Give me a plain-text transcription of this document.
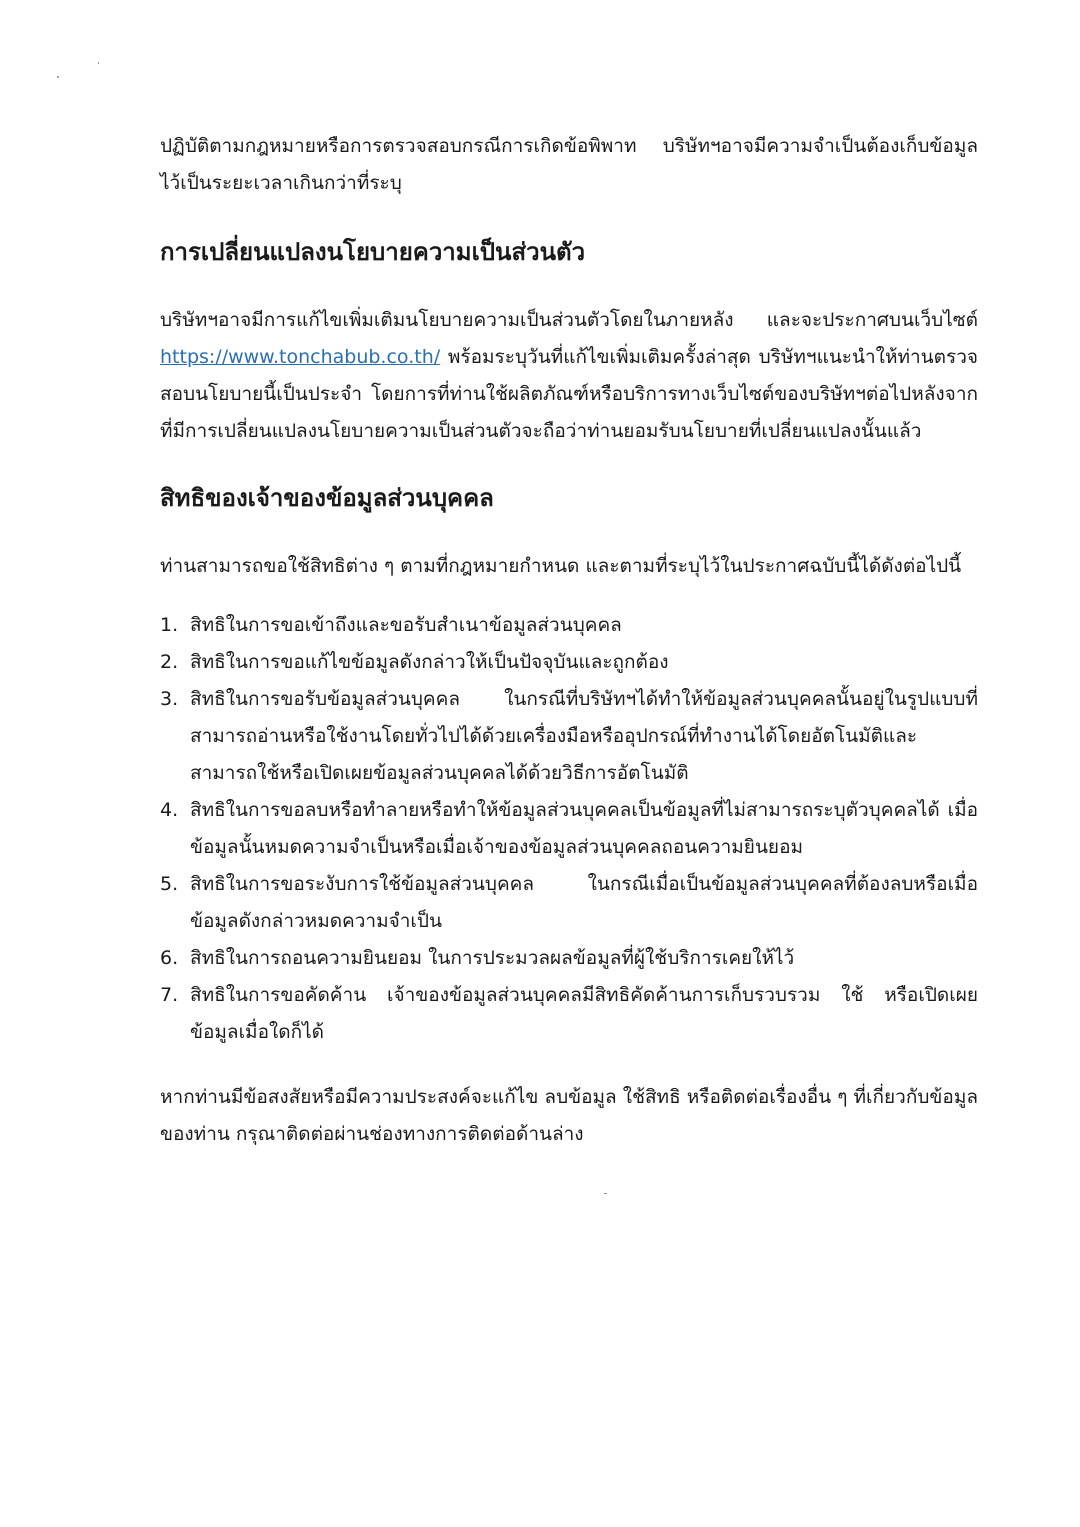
ปฏิบัติตามกฎหมายหรือการตรวจสอบกรณีการเกิดข้อพิพาท บริษัทฯอาจมีความจำเป็นต้องเก็บข้อมูลไว้เป็นระยะเวลาเกินกว่าที่ระบุ

การเปลี่ยนแปลงนโยบายความเป็นส่วนตัว

บริษัทฯอาจมีการแก้ไขเพิ่มเติมนโยบายความเป็นส่วนตัวโดยในภายหลัง และจะประกาศบนเว็บไซต์ https://www.tonchabub.co.th/ พร้อมระบุวันที่แก้ไขเพิ่มเติมครั้งล่าสุด บริษัทฯแนะนำให้ท่านตรวจสอบนโยบายนี้เป็นประจำ โดยการที่ท่านใช้ผลิตภัณฑ์หรือบริการทางเว็บไซต์ของบริษัทฯต่อไปหลังจากที่มีการเปลี่ยนแปลงนโยบายความเป็นส่วนตัวจะถือว่าท่านยอมรับนโยบายที่เปลี่ยนแปลงนั้นแล้ว

สิทธิของเจ้าของข้อมูลส่วนบุคคล

ท่านสามารถขอใช้สิทธิต่าง ๆ ตามที่กฎหมายกำหนด และตามที่ระบุไว้ในประกาศฉบับนี้ได้ดังต่อไปนี้

1. สิทธิในการขอเข้าถึงและขอรับสำเนาข้อมูลส่วนบุคคล
2. สิทธิในการขอแก้ไขข้อมูลดังกล่าวให้เป็นปัจจุบันและถูกต้อง
3. สิทธิในการขอรับข้อมูลส่วนบุคคล ในกรณีที่บริษัทฯได้ทำให้ข้อมูลส่วนบุคคลนั้นอยู่ในรูปแบบที่สามารถอ่านหรือใช้งานโดยทั่วไปได้ด้วยเครื่องมือหรืออุปกรณ์ที่ทำงานได้โดยอัตโนมัติและสามารถใช้หรือเปิดเผยข้อมูลส่วนบุคคลได้ด้วยวิธีการอัตโนมัติ
4. สิทธิในการขอลบหรือทำลายหรือทำให้ข้อมูลส่วนบุคคลเป็นข้อมูลที่ไม่สามารถระบุตัวบุคคลได้ เมื่อข้อมูลนั้นหมดความจำเป็นหรือเมื่อเจ้าของข้อมูลส่วนบุคคลถอนความยินยอม
5. สิทธิในการขอระงับการใช้ข้อมูลส่วนบุคคล ในกรณีเมื่อเป็นข้อมูลส่วนบุคคลที่ต้องลบหรือเมื่อข้อมูลดังกล่าวหมดความจำเป็น
6. สิทธิในการถอนความยินยอม ในการประมวลผลข้อมูลที่ผู้ใช้บริการเคยให้ไว้
7. สิทธิในการขอคัดค้าน เจ้าของข้อมูลส่วนบุคคลมีสิทธิคัดค้านการเก็บรวบรวม ใช้ หรือเปิดเผยข้อมูลเมื่อใดก็ได้

หากท่านมีข้อสงสัยหรือมีความประสงค์จะแก้ไข ลบข้อมูล ใช้สิทธิ หรือติดต่อเรื่องอื่น ๆ ที่เกี่ยวกับข้อมูลของท่าน กรุณาติดต่อผ่านช่องทางการติดต่อด้านล่าง
